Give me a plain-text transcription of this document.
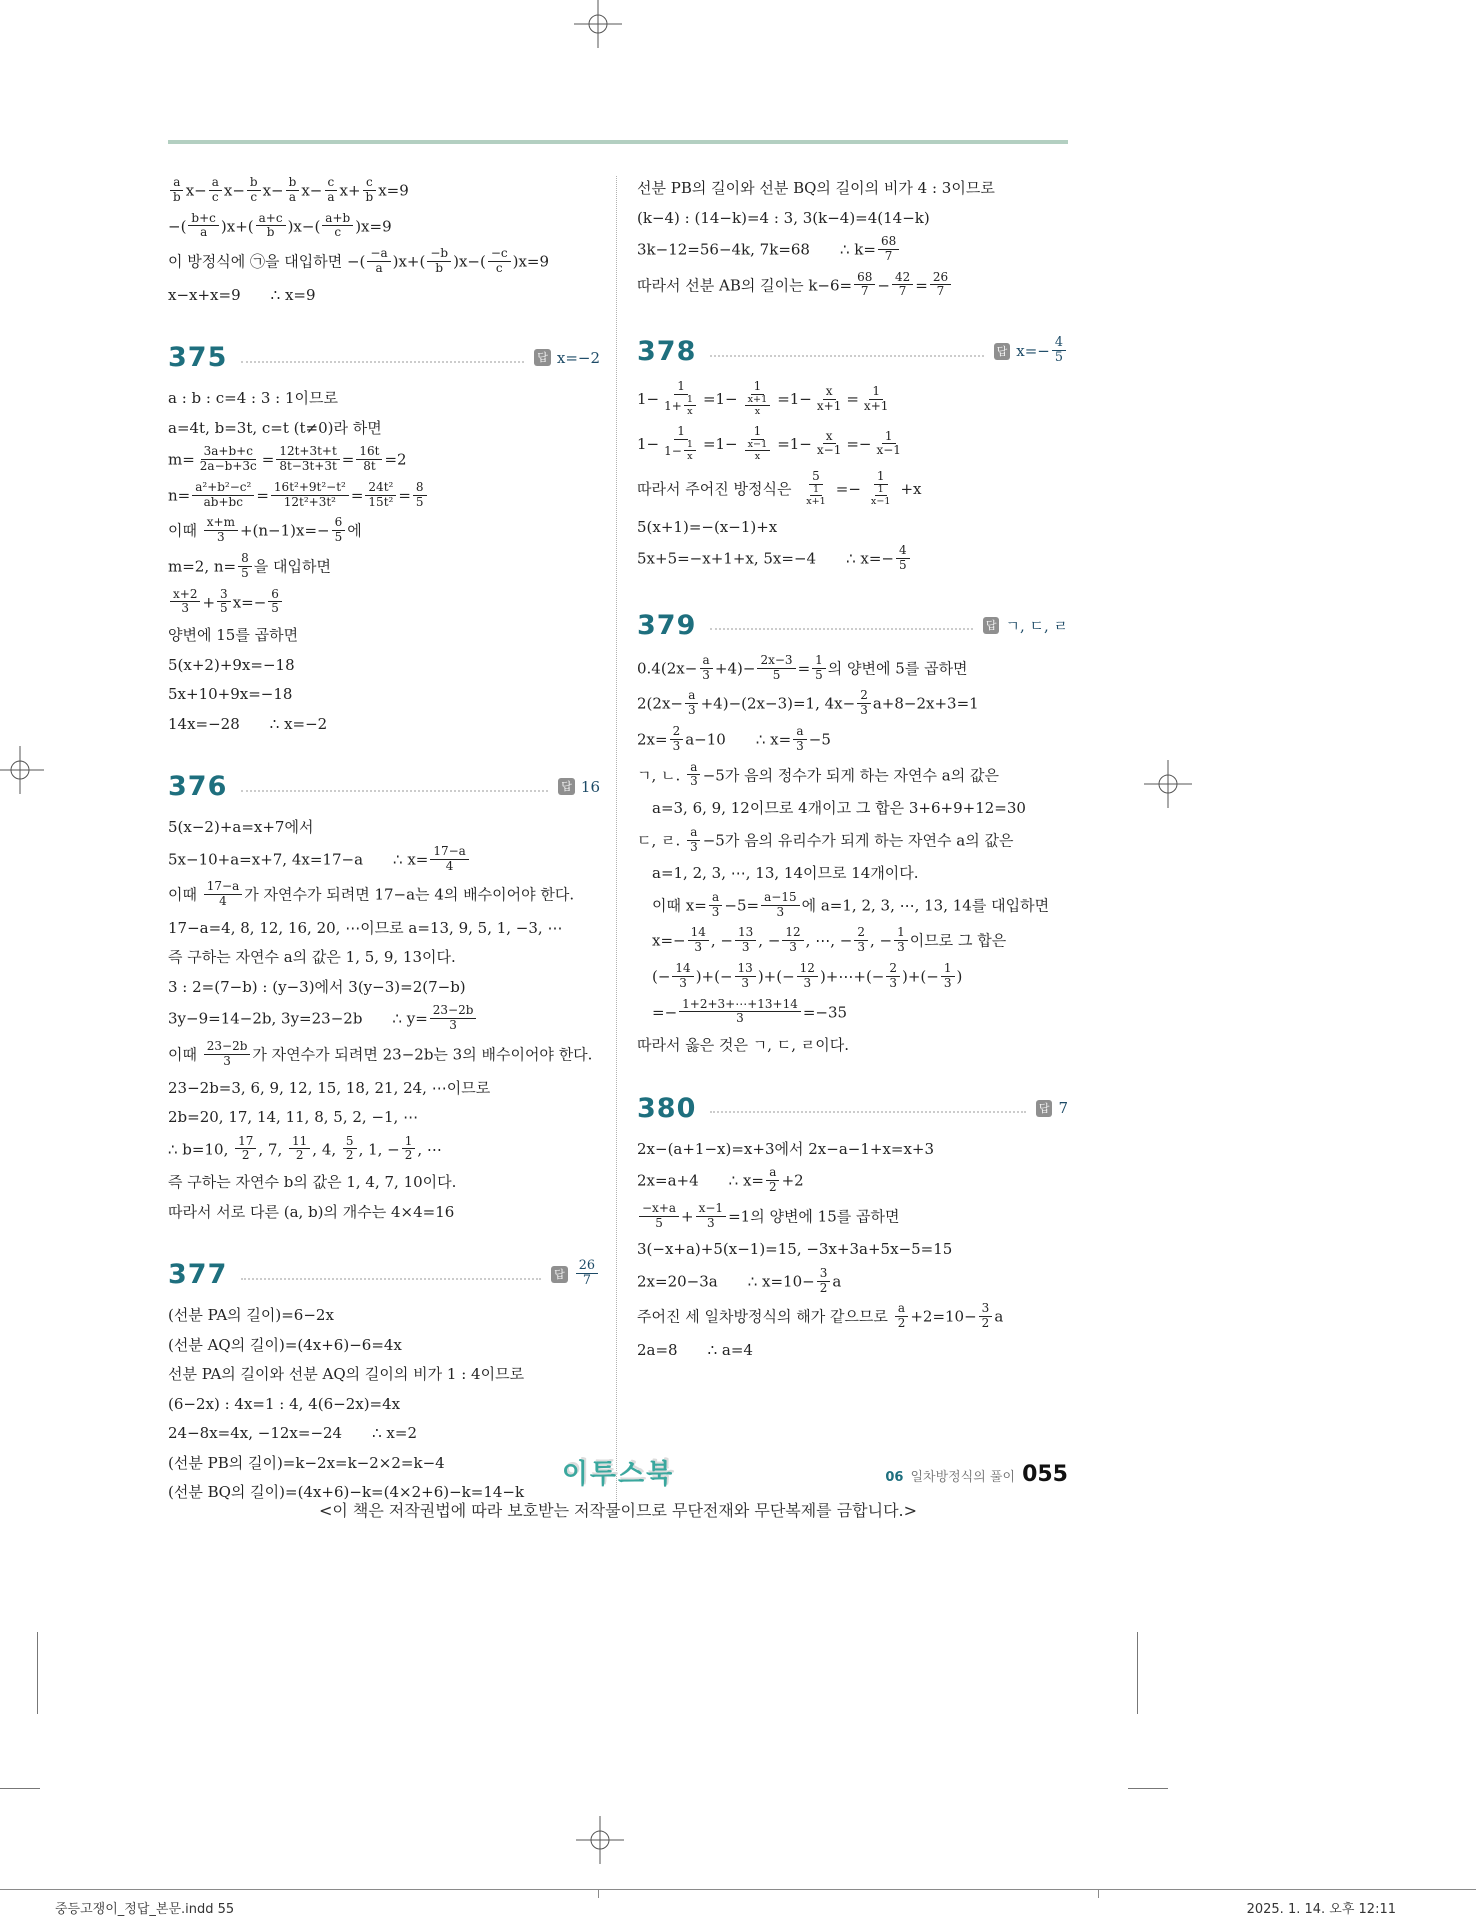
$\frac{a}{b} x- \frac{a}{c} x- \frac{b}{c} x- \frac{b}{a} x- \frac{c}{a} x+ \frac{c}{b} x=9$
−( $\frac{b+c}{a} )x+( \frac{a+c}{b} )x-( \frac{a+b}{c} )x=9$
이 방정식에 ㉠을 대입하면 −( $\frac{-a}{a} )x+( \frac{-b}{b} )x-( \frac{-c}{c} )x=9$
x−x+x=9  ∴ x=9
375	답 x=−2
a : b : c=4 : 3 : 1이므로
a=4t, b=3t, c=t (t≠0)라 하면
$m= \frac{3a+b+c}{2a-b+3c} = \frac{12t+3t+t}{8t-3t+3t} = \frac{16t}{8t} =2$
$n= \frac{\text{a²+b²−c²}}{ab+bc} = \frac{\text{16t²+9t²−t²}}{\text{12t²+3t²}} = \frac{\text{24t²}}{\text{15t²}} = \frac{8}{5}$
이때 $\frac{x+m}{3} +(n-1)x=- \frac{6}{5}$ 에
m=2, $n= \frac{8}{5}$ 을 대입하면
$\frac{x+2}{3} + \frac{3}{5} x=- \frac{6}{5}$
양변에 15를 곱하면
5(x+2)+9x=−18
5x+10+9x=−18
14x=−28  ∴ x=−2
376	답 16
5(x−2)+a=x+7에서
5x−10+a=x+7, 4x=17−a  ∴ $x= \frac{17-a}{4}$
이때 $\frac{17-a}{4}$ 가 자연수가 되려면 17−a는 4의 배수이어야 한다.
17−a=4, 8, 12, 16, 20, ⋯이므로 a=13, 9, 5, 1, −3, ⋯
즉 구하는 자연수 a의 값은 1, 5, 9, 13이다.
3 : 2=(7−b) : (y−3)에서 3(y−3)=2(7−b)
3y−9=14−2b, 3y=23−2b  ∴ $y= \frac{23-2b}{3}$
이때 $\frac{23-2b}{3}$ 가 자연수가 되려면 23−2b는 3의 배수이어야 한다.
23−2b=3, 6, 9, 12, 15, 18, 21, 24, ⋯이므로
2b=20, 17, 14, 11, 8, 5, 2, −1, ⋯
∴ b=10, $\frac{17}{2}$ , 7, $\frac{11}{2}$ , 4, $\frac{5}{2}$ , 1, − $\frac{1}{2}$ , ⋯
즉 구하는 자연수 b의 값은 1, 4, 7, 10이다.
따라서 서로 다른 (a, b)의 개수는 4×4=16
377	답 $\frac{26}{7}$
(선분 PA의 길이)=6−2x
(선분 AQ의 길이)=(4x+6)−6=4x
선분 PA의 길이와 선분 AQ의 길이의 비가 1 : 4이므로
(6−2x) : 4x=1 : 4, 4(6−2x)=4x
24−8x=4x, −12x=−24  ∴ x=2
(선분 PB의 길이)=k−2x=k−2×2=k−4
(선분 BQ의 길이)=(4x+6)−k=(4×2+6)−k=14−k
선분 PB의 길이와 선분 BQ의 길이의 비가 4 : 3이므로
(k−4) : (14−k)=4 : 3, 3(k−4)=4(14−k)
3k−12=56−4k, 7k=68  ∴ $k= \frac{68}{7}$
따라서 선분 AB의 길이는 $k-6= \frac{68}{7} - \frac{42}{7} = \frac{26}{7}$
378	답 $x=- \frac{4}{5}$
$1- \frac{1}{1+ \frac{1}{x}} =1- \frac{1}{\frac{x+1}{x}} =1- \frac{x}{x+1} = \frac{1}{x+1}$
$1- \frac{1}{1- \frac{1}{x}} =1- \frac{1}{\frac{x-1}{x}} =1- \frac{x}{x-1} =- \frac{1}{x-1}$
따라서 주어진 방정식은 $\frac{5}{\frac{1}{x+1}} =- \frac{1}{\frac{1}{x-1}} +x$
5(x+1)=−(x−1)+x
5x+5=−x+1+x, 5x=−4  ∴ $x=- \frac{4}{5}$
379	답 ㄱ, ㄷ, ㄹ
$0.4(2x- \frac{a}{3} +4)- \frac{2x-3}{5} = \frac{1}{5}$ 의 양변에 5를 곱하면
$2(2x- \frac{a}{3} +4)-(2x-3)=1$, $4x- \frac{2}{3} a+8-2x+3=1$
$2x= \frac{2}{3} a-10$  ∴ $x= \frac{a}{3} -5$
ㄱ, ㄴ. $\frac{a}{3} -5$가 음의 정수가 되게 하는 자연수 a의 값은
 a=3, 6, 9, 12이므로 4개이고 그 합은 3+6+9+12=30
ㄷ, ㄹ. $\frac{a}{3} -5$가 음의 유리수가 되게 하는 자연수 a의 값은
 a=1, 2, 3, ⋯, 13, 14이므로 14개이다.
 이때 $x= \frac{a}{3} -5= \frac{a-15}{3}$ 에 a=1, 2, 3, ⋯, 13, 14를 대입하면
 $x=- \frac{14}{3}$ , − $\frac{13}{3}$ , − $\frac{12}{3}$ , ⋯, − $\frac{2}{3}$ , − $\frac{1}{3}$ 이므로 그 합은
 (− $\frac{14}{3}$ )+(− $\frac{13}{3}$ )+(− $\frac{12}{3}$ )+⋯+(− $\frac{2}{3}$ )+(− $\frac{1}{3}$ )
 =− $\frac{1+2+3+\cdots+13+14}{3} =-35$
따라서 옳은 것은 ㄱ, ㄷ, ㄹ이다.
380	답 7
2x−(a+1−x)=x+3에서 2x−a−1+x=x+3
2x=a+4  ∴ $x= \frac{a}{2} +2$
$\frac{-x+a}{5} + \frac{x-1}{3} =1$의 양변에 15를 곱하면
3(−x+a)+5(x−1)=15, −3x+3a+5x−5=15
2x=20−3a  ∴ $x=10- \frac{3}{2}$ a
주어진 세 일차방정식의 해가 같으므로 $\frac{a}{2} +2=10- \frac{3}{2}$ a
2a=8  ∴ a=4
이투스북
<이 책은 저작권법에 따라 보호받는 저작물이므로 무단전재와 무단복제를 금합니다.>
06 일차방정식의 풀이 055
중등고쟁이_정답_본문.indd 55	2025. 1. 14. 오후 12:11
